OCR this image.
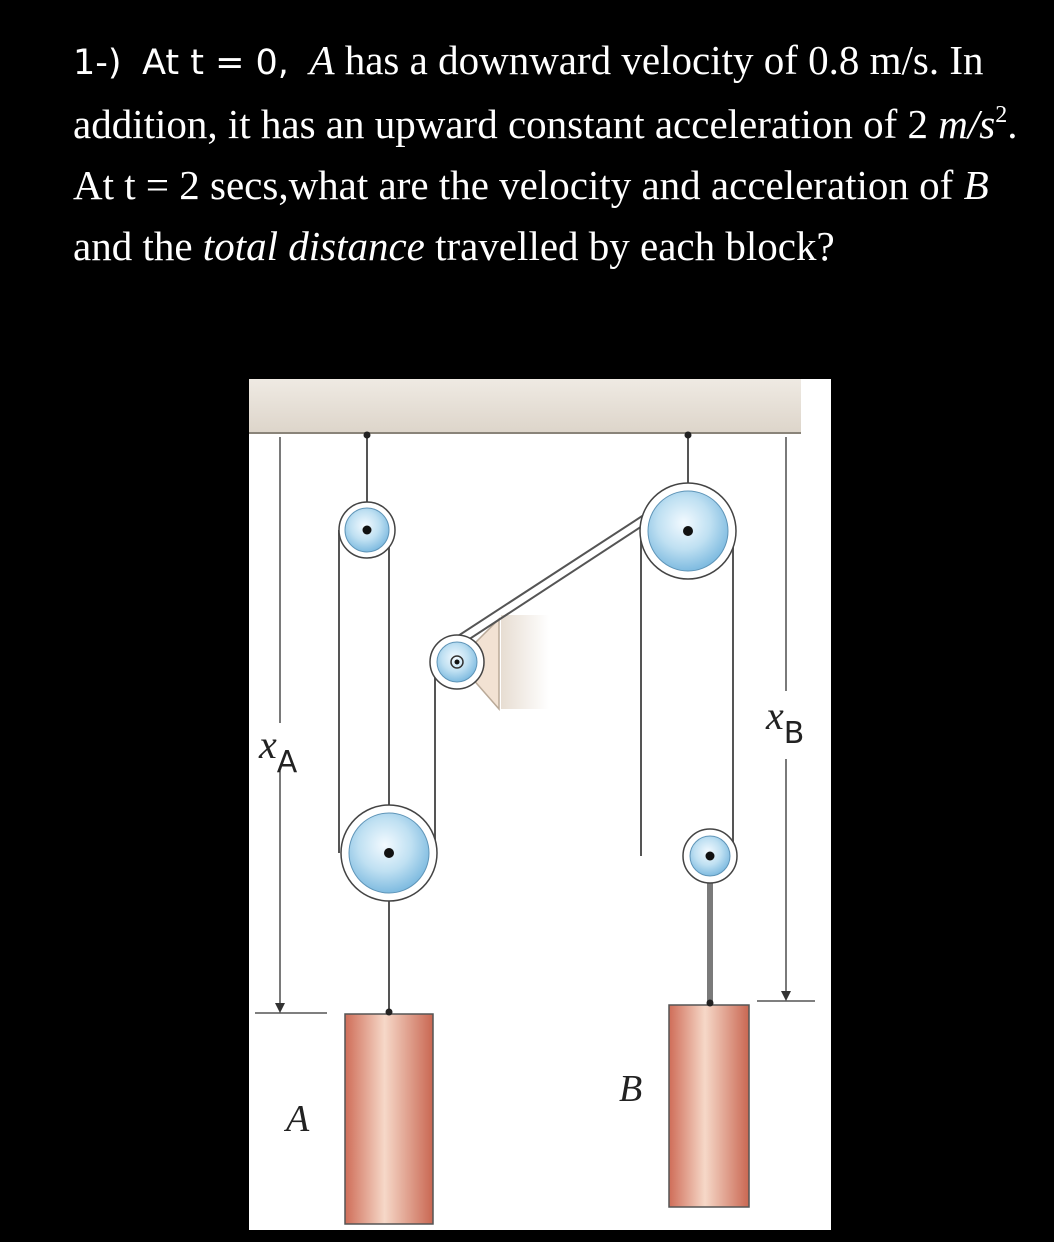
1-) At t = 0, A has a downward velocity of 0.8 m/s. In addition, it has an upward constant acceleration of 2 $m/s^2$. At t = 2 secs,what are the velocity and acceleration of B and the total distance travelled by each block?

$x_A$
$x_B$
A
B
